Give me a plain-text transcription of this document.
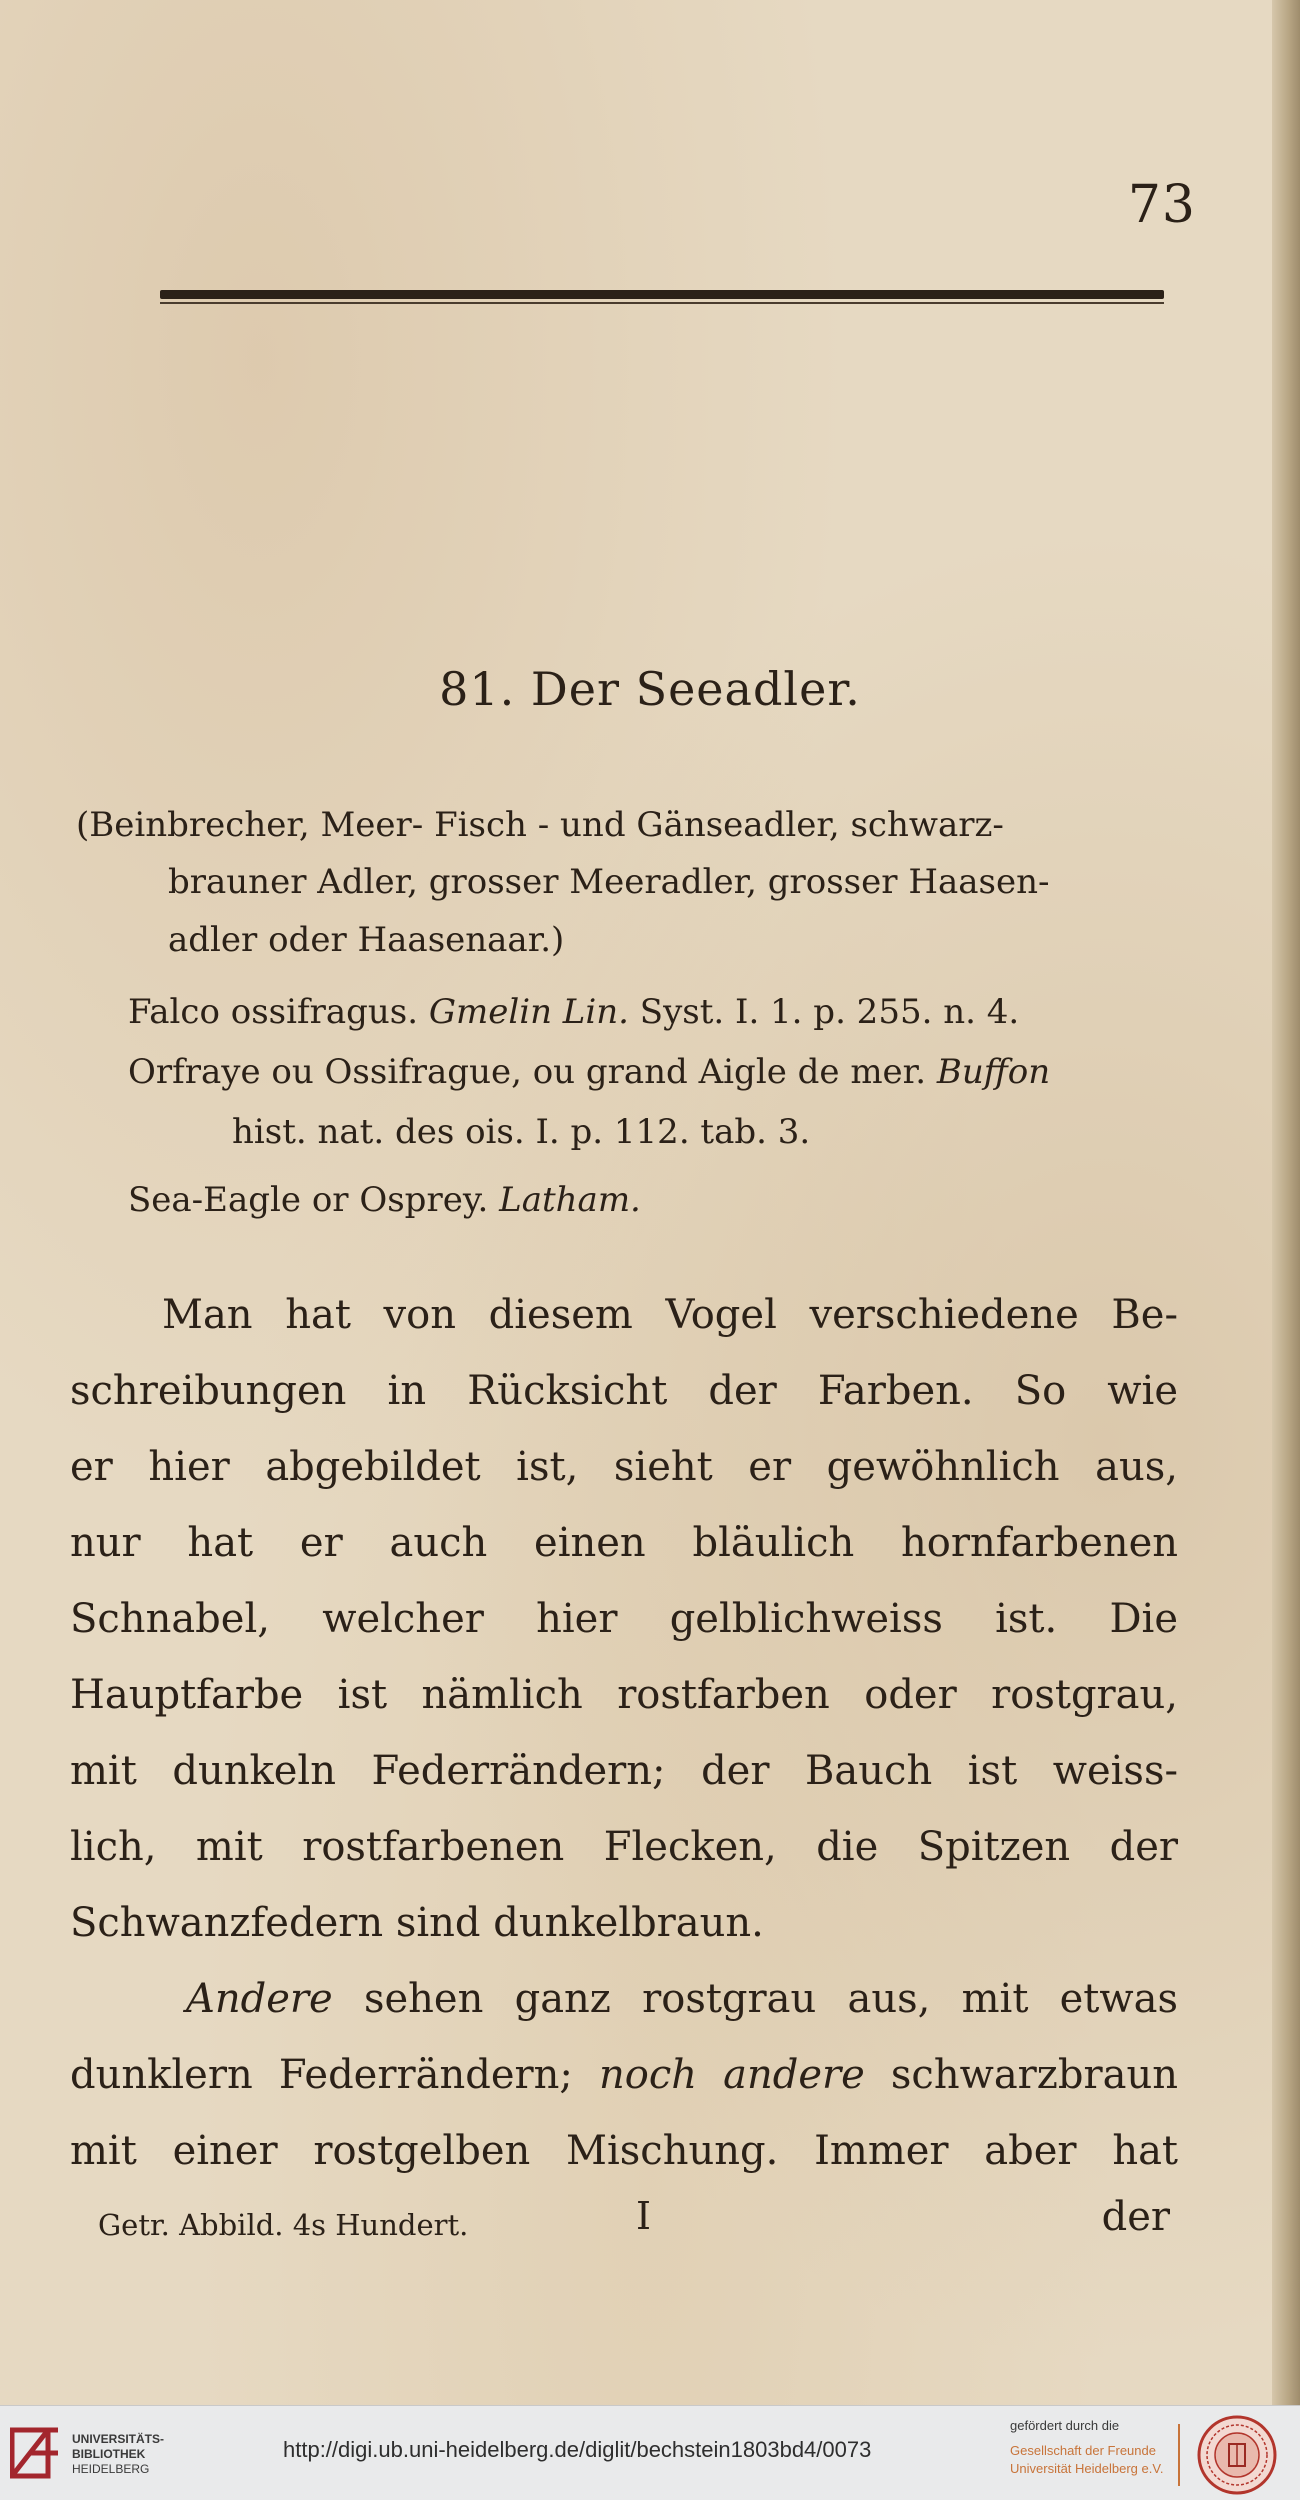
73
81. Der Seeadler.
(Beinbrecher, Meer- Fisch - und Gänseadler, schwarz-
brauner Adler, grosser Meeradler, grosser Haasen-
adler oder Haasenaar.)
Falco ossifragus. Gmelin Lin. Syst. I. 1. p. 255. n. 4.
Orfraye ou Ossifrague, ou grand Aigle de mer. Buffon
hist. nat. des ois. I. p. 112. tab. 3.
Sea-Eagle or Osprey. Latham.
Man hat von diesem Vogel verschiedene Be-
schreibungen in Rücksicht der Farben. So wie
er hier abgebildet ist, sieht er gewöhnlich aus,
nur hat er auch einen bläulich hornfarbenen
Schnabel, welcher hier gelblichweiss ist. Die
Hauptfarbe ist nämlich rostfarben oder rostgrau,
mit dunkeln Federrändern; der Bauch ist weiss-
lich, mit rostfarbenen Flecken, die Spitzen der
Schwanzfedern sind dunkelbraun.
Andere sehen ganz rostgrau aus, mit etwas
dunklern Federrändern; noch andere schwarzbraun
mit einer rostgelben Mischung. Immer aber hat
Getr. Abbild. 4s Hundert.	I	der
UNIVERSITÄTS-
BIBLIOTHEK
HEIDELBERG
http://digi.ub.uni-heidelberg.de/diglit/bechstein1803bd4/0073
gefördert durch die
Gesellschaft der Freunde
Universität Heidelberg e.V.
